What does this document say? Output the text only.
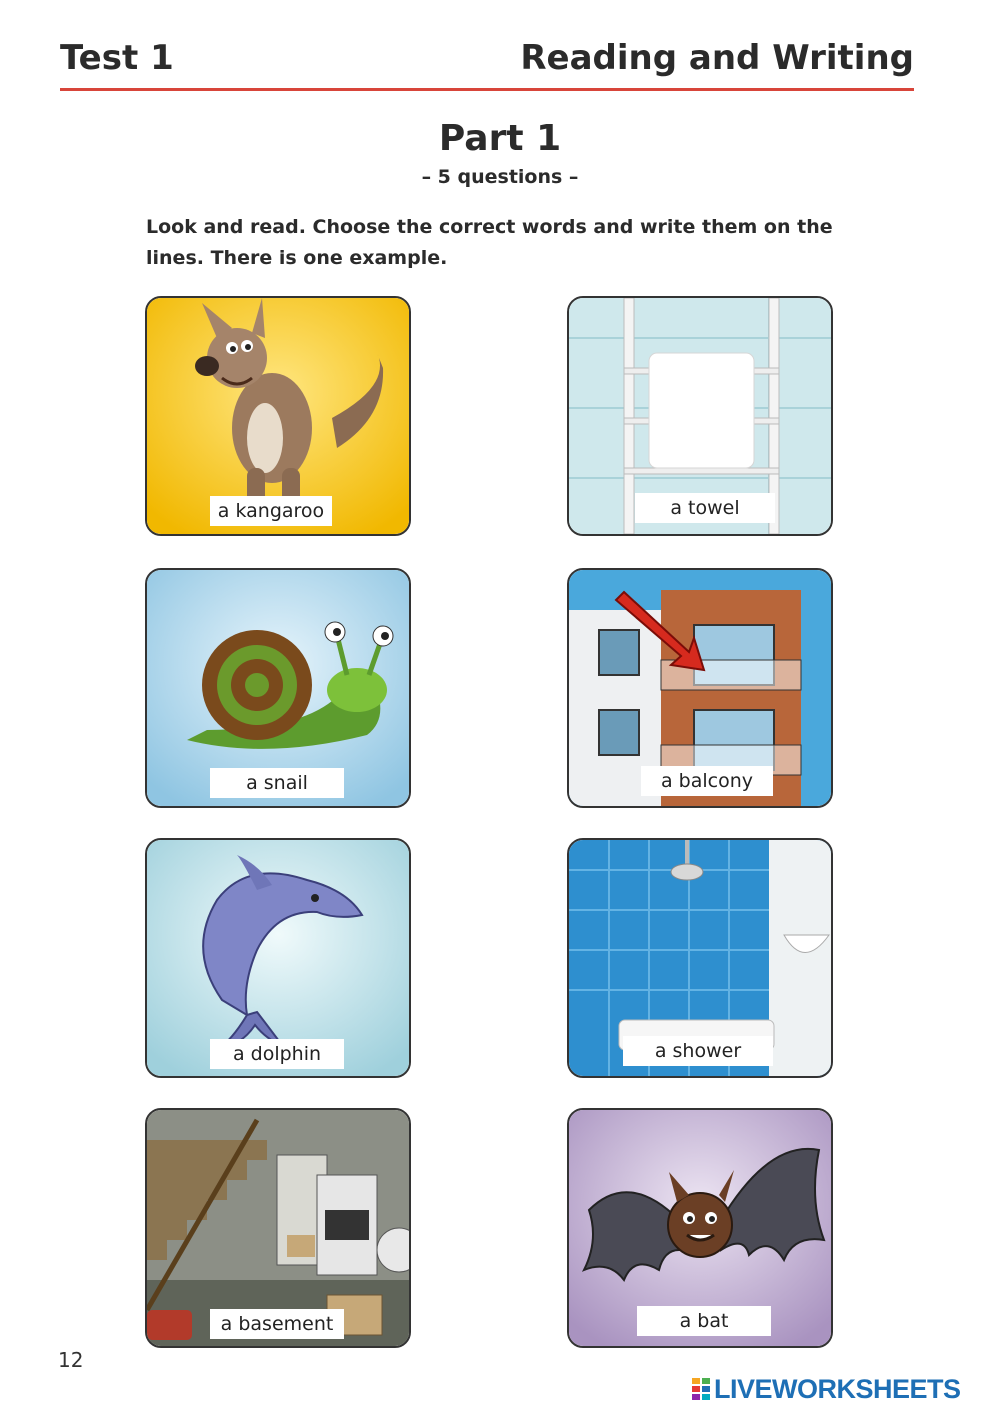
Test 1	Reading and Writing
Part 1
– 5 questions –
Look and read. Choose the correct words and write them on the lines. There is one example.
a kangaroo	a towel
a snail	a balcony
a dolphin	a shower
a basement	a bat
12
LIVEWORKSHEETS
